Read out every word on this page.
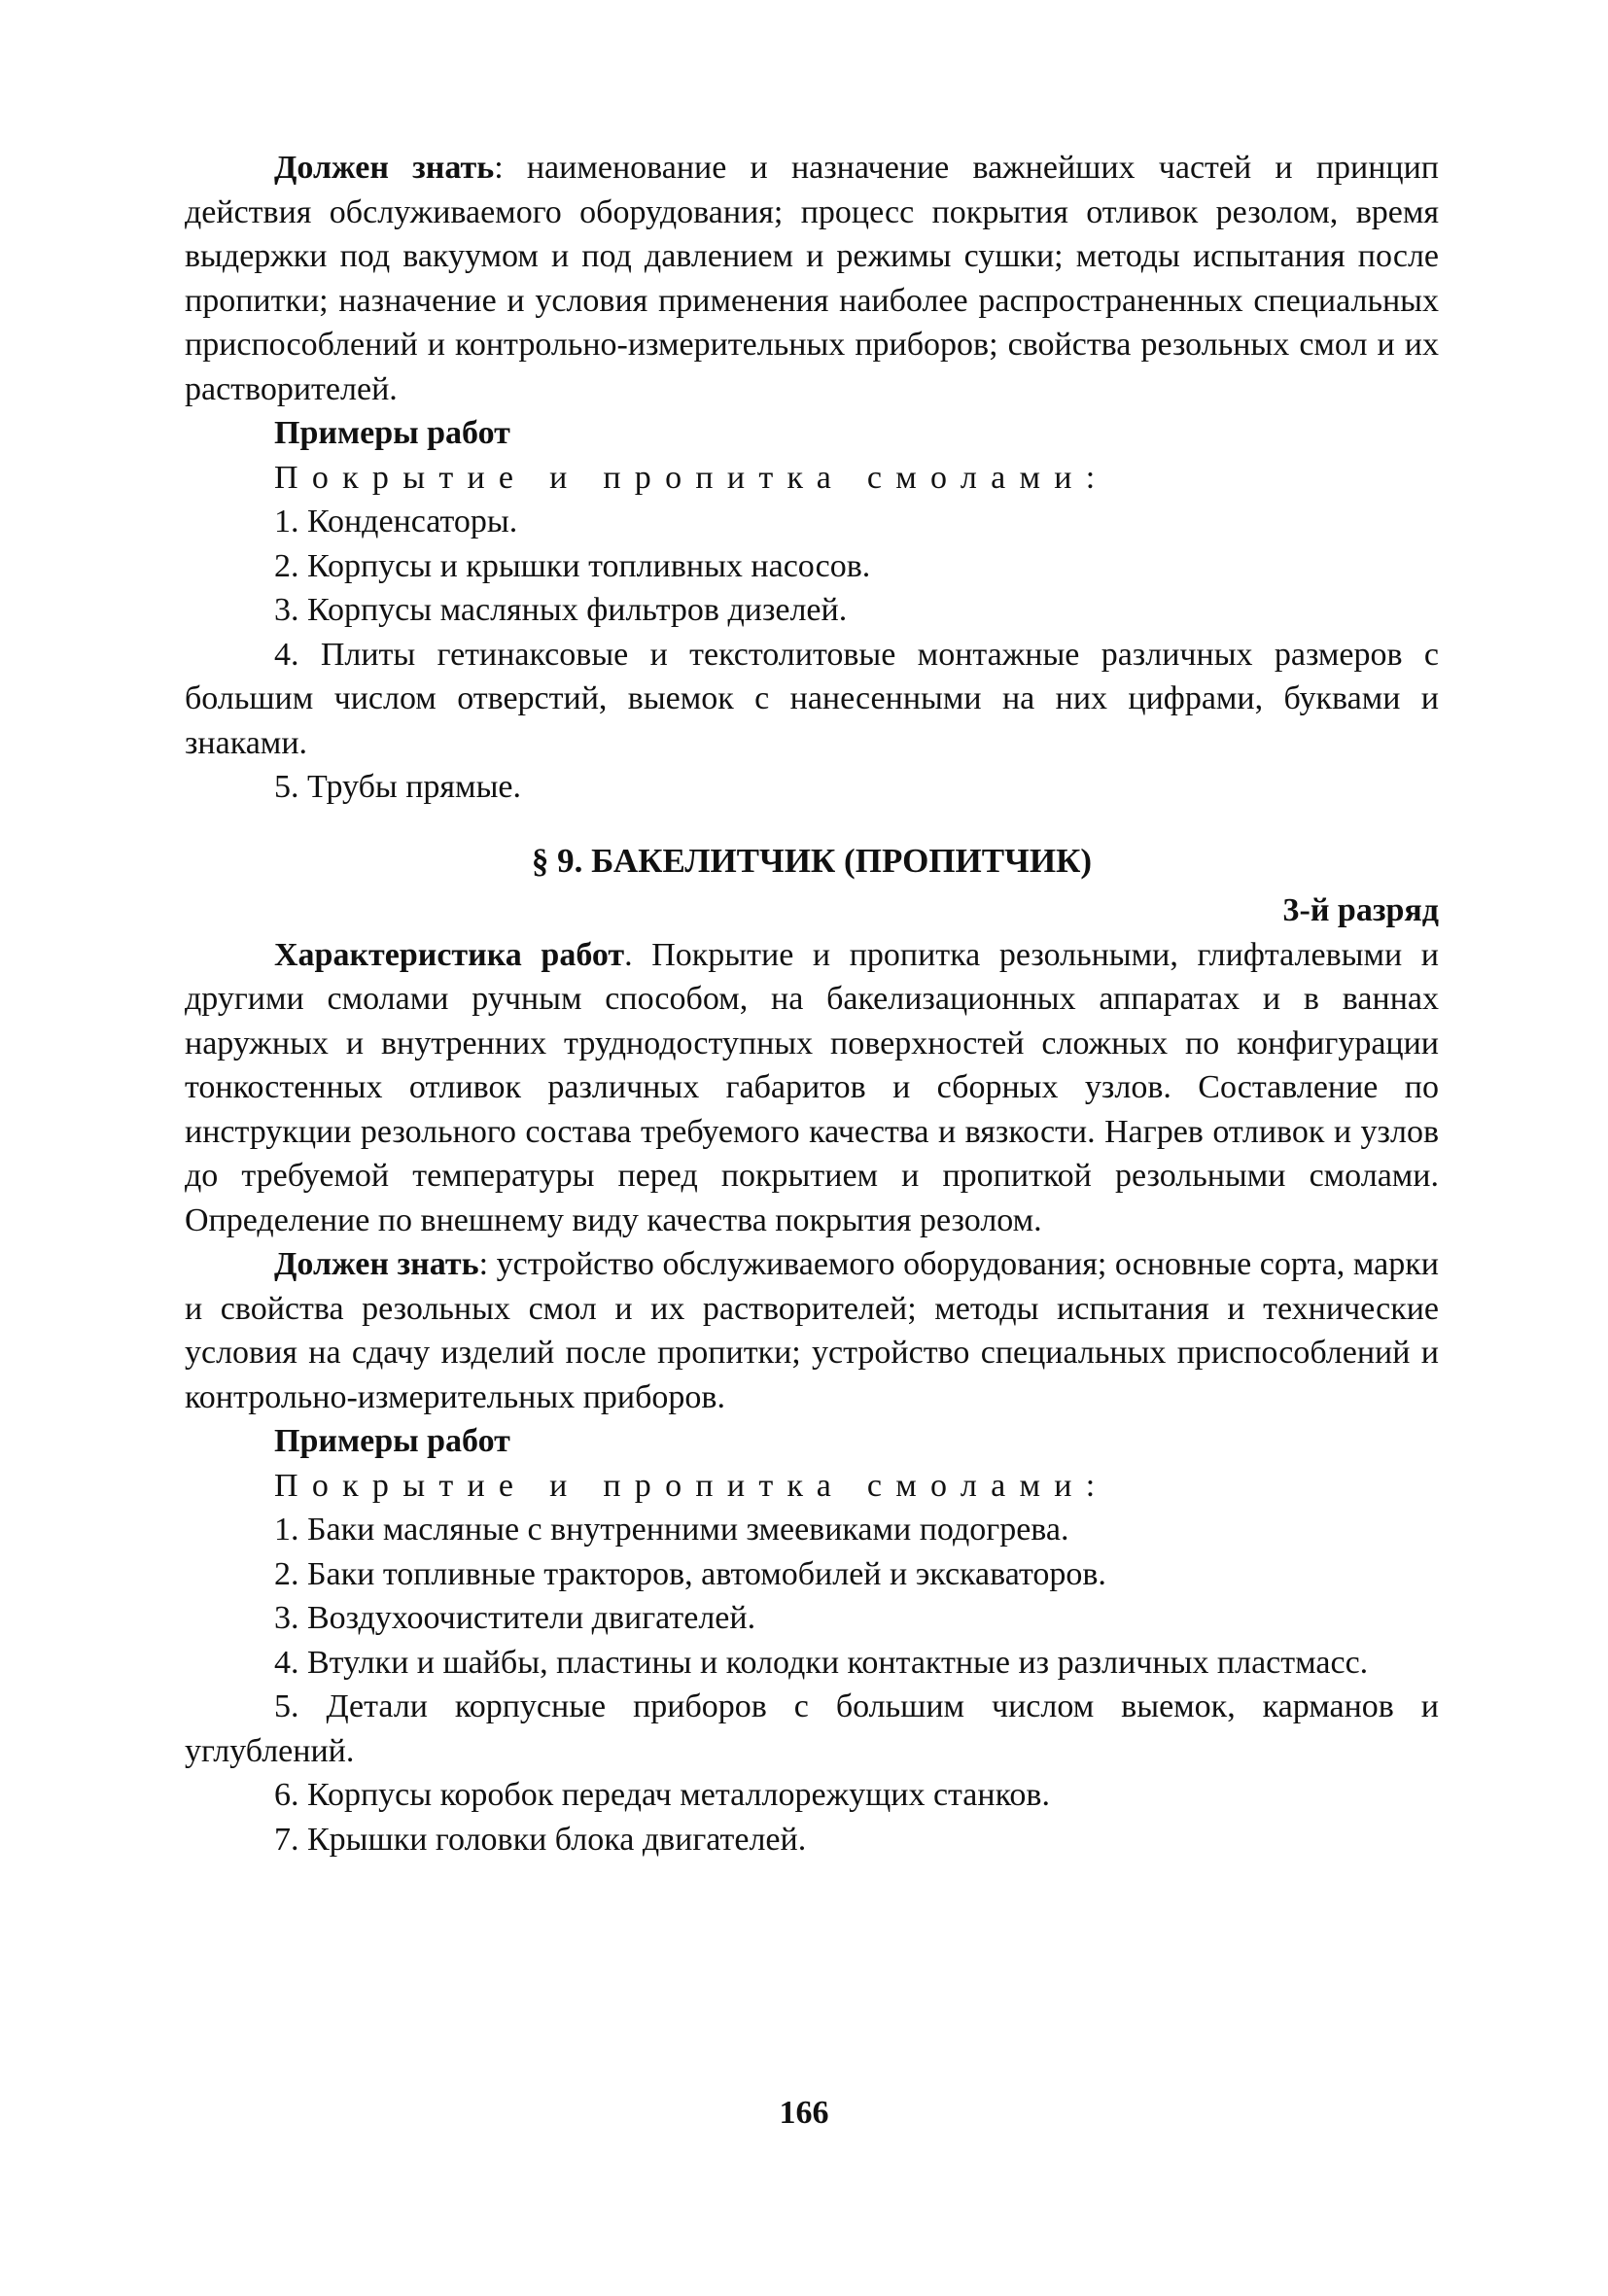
Должен знать: наименование и назначение важнейших частей и принцип действия обслуживаемого оборудования; процесс покрытия отливок резолом, время выдержки под вакуумом и под давлением и режимы сушки; методы испытания после пропитки; назначение и условия применения наиболее распространенных специальных приспособлений и контрольно-измерительных приборов; свойства резольных смол и их растворителей.

Примеры работ

Покрытие и пропитка смолами:

1. Конденсаторы.

2. Корпусы и крышки топливных насосов.

3. Корпусы масляных фильтров дизелей.

4. Плиты гетинаксовые и текстолитовые монтажные различных размеров с большим числом отверстий, выемок с нанесенными на них цифрами, буквами и знаками.

5. Трубы прямые.

§ 9. БАКЕЛИТЧИК (ПРОПИТЧИК)

3-й разряд

Характеристика работ. Покрытие и пропитка резольными, глифталевыми и другими смолами ручным способом, на бакелизационных аппаратах и в ваннах наружных и внутренних труднодоступных поверхностей сложных по конфигурации тонкостенных отливок различных габаритов и сборных узлов. Составление по инструкции резольного состава требуемого качества и вязкости. Нагрев отливок и узлов до требуемой температуры перед покрытием и пропиткой резольными смолами. Определение по внешнему виду качества покрытия резолом.

Должен знать: устройство обслуживаемого оборудования; основные сорта, марки и свойства резольных смол и их растворителей; методы испытания и технические условия на сдачу изделий после пропитки; устройство специальных приспособлений и контрольно-измерительных приборов.

Примеры работ

Покрытие и пропитка смолами:

1. Баки масляные с внутренними змеевиками подогрева.

2. Баки топливные тракторов, автомобилей и экскаваторов.

3. Воздухоочистители двигателей.

4. Втулки и шайбы, пластины и колодки контактные из различных пластмасс.

5. Детали корпусные приборов с большим числом выемок, карманов и углублений.

6. Корпусы коробок передач металлорежущих станков.

7. Крышки головки блока двигателей.

166
